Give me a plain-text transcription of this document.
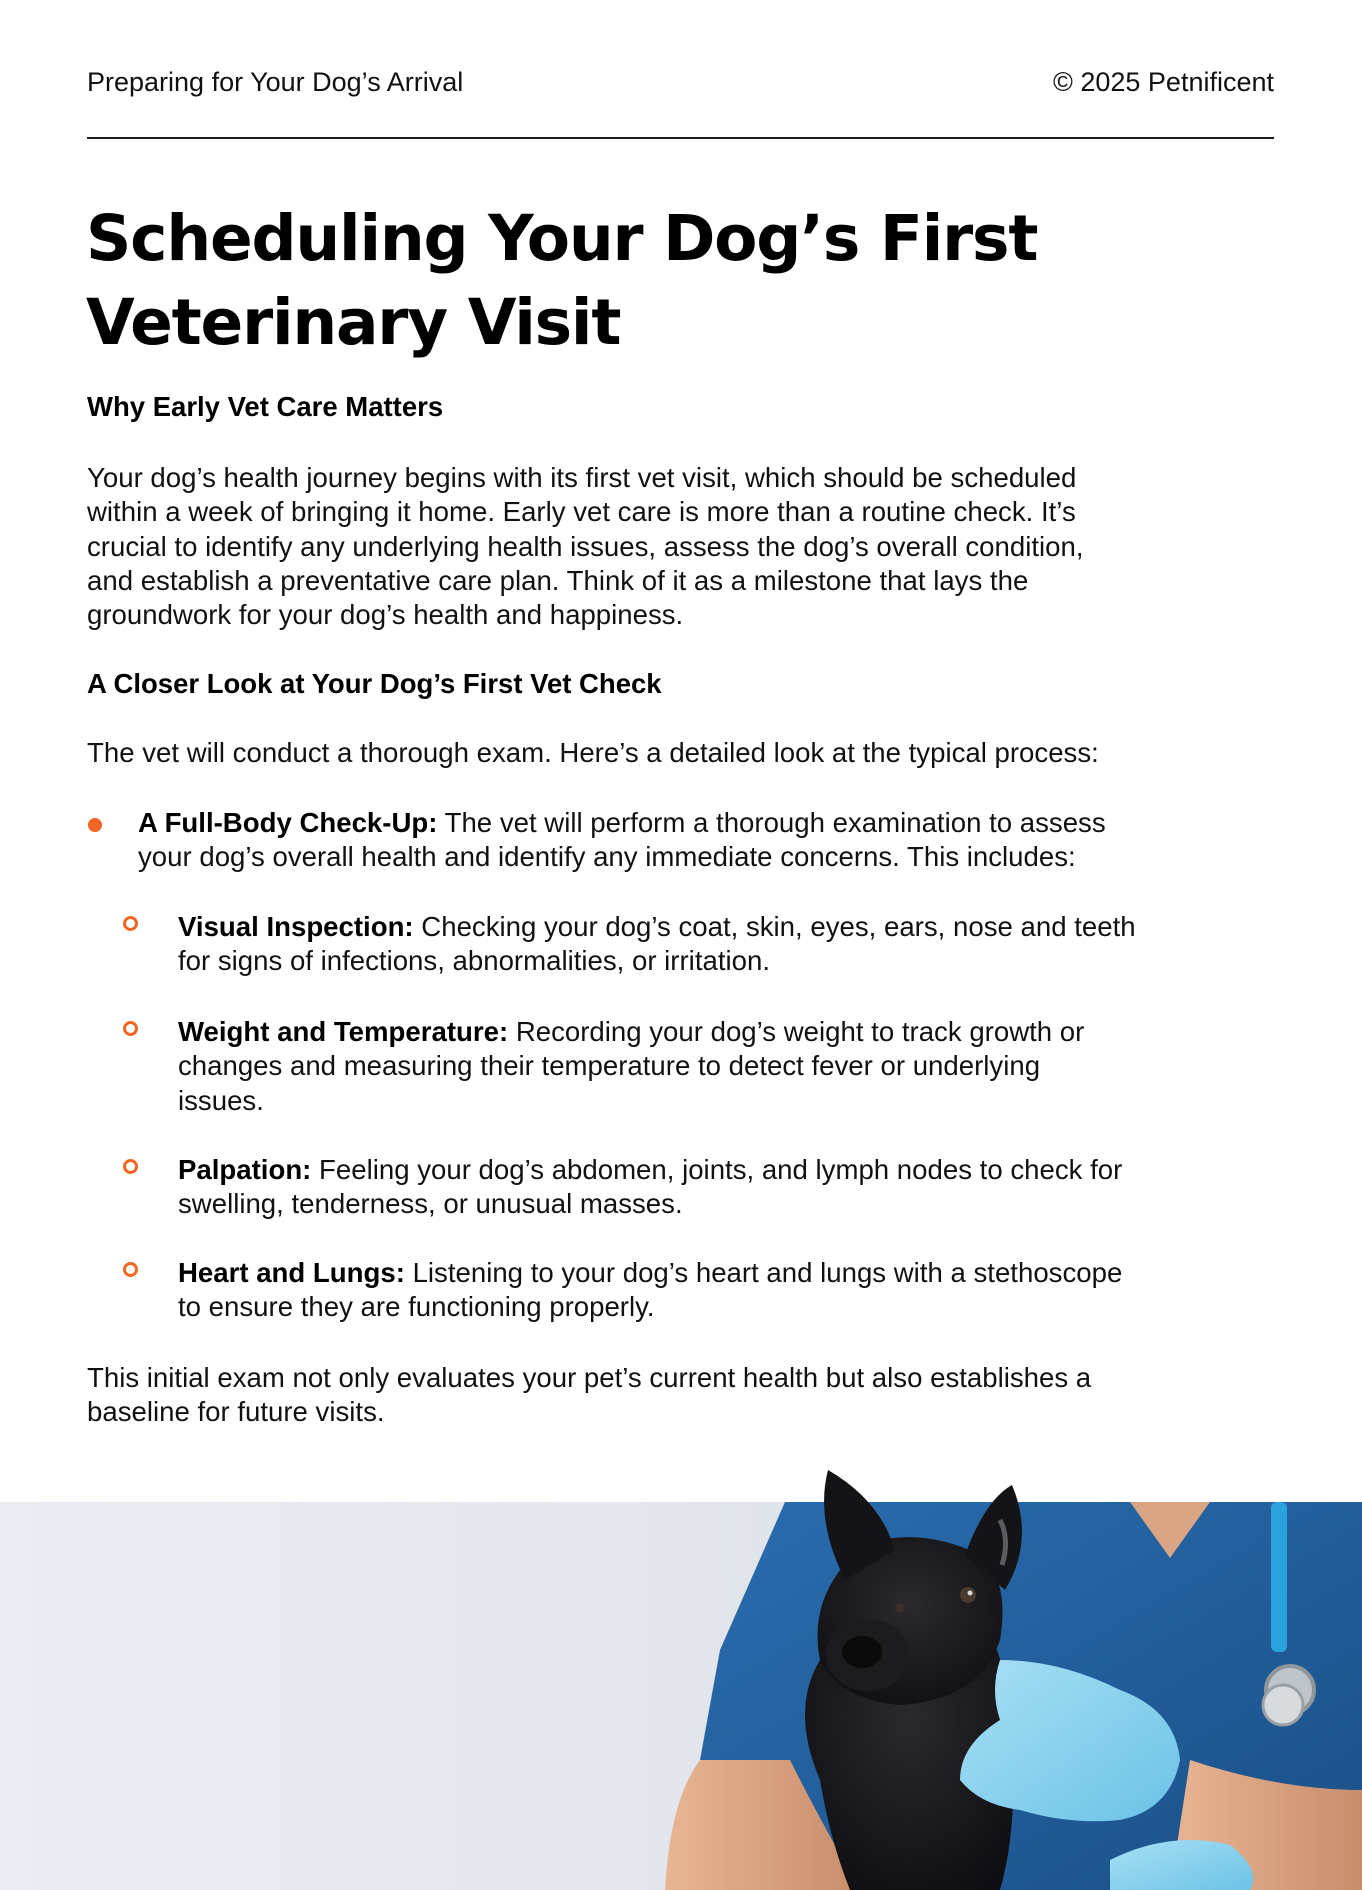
Preparing for Your Dog’s Arrival	© 2025 Petnificent
Scheduling Your Dog’s First
Veterinary Visit
Why Early Vet Care Matters
Your dog’s health journey begins with its first vet visit, which should be scheduled
within a week of bringing it home. Early vet care is more than a routine check. It’s
crucial to identify any underlying health issues, assess the dog’s overall condition,
and establish a preventative care plan. Think of it as a milestone that lays the
groundwork for your dog’s health and happiness.
A Closer Look at Your Dog’s First Vet Check
The vet will conduct a thorough exam. Here’s a detailed look at the typical process:
A Full-Body Check-Up: The vet will perform a thorough examination to assess
your dog’s overall health and identify any immediate concerns. This includes:
Visual Inspection: Checking your dog’s coat, skin, eyes, ears, nose and teeth
for signs of infections, abnormalities, or irritation.
Weight and Temperature: Recording your dog’s weight to track growth or
changes and measuring their temperature to detect fever or underlying
issues.
Palpation: Feeling your dog’s abdomen, joints, and lymph nodes to check for
swelling, tenderness, or unusual masses.
Heart and Lungs: Listening to your dog’s heart and lungs with a stethoscope
to ensure they are functioning properly.
This initial exam not only evaluates your pet’s current health but also establishes a
baseline for future visits.
